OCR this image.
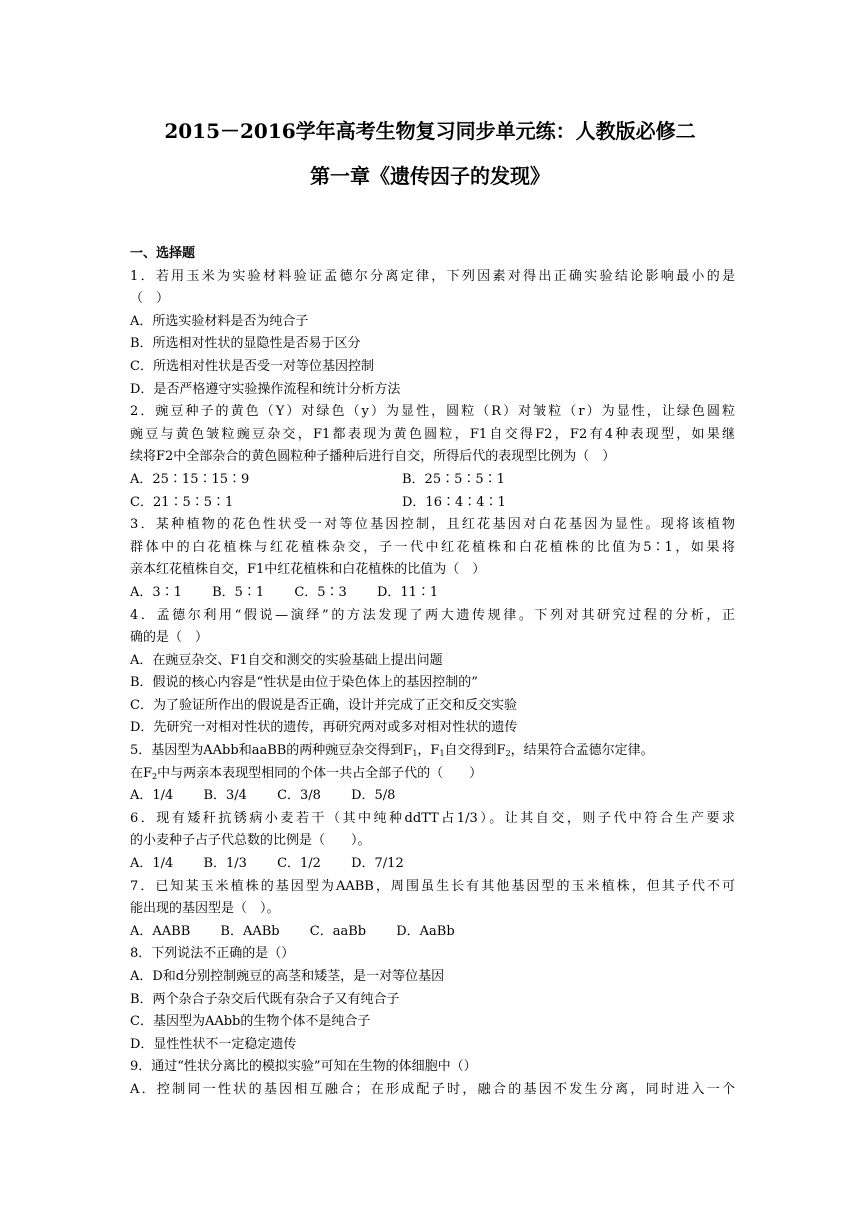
2015－2016学年高考生物复习同步单元练：人教版必修二
第一章《遗传因子的发现》
一、选择题
1．若用玉米为实验材料验证孟德尔分离定律，下列因素对得出正确实验结论影响最小的是
（　）
A．所选实验材料是否为纯合子
B．所选相对性状的显隐性是否易于区分
C．所选相对性状是否受一对等位基因控制
D．是否严格遵守实验操作流程和统计分析方法
2．豌豆种子的黄色（Y）对绿色（y）为显性，圆粒（R）对皱粒（r）为显性，让绿色圆粒
豌豆与黄色皱粒豌豆杂交，F1都表现为黄色圆粒，F1自交得F2，F2有4种表现型，如果继
续将F2中全部杂合的黄色圆粒种子播种后进行自交，所得后代的表现型比例为（　）
A．25∶15∶15∶9	B．25∶5∶5∶1
C．21∶5∶5∶1	D．16∶4∶4∶1
3．某种植物的花色性状受一对等位基因控制，且红花基因对白花基因为显性。现将该植物
群体中的白花植株与红花植株杂交，子一代中红花植株和白花植株的比值为5∶1，如果将
亲本红花植株自交，F1中红花植株和白花植株的比值为（　）
A．3∶1 B．5∶1 C．5∶3 D．11∶1
4．孟德尔利用“假说—演绎”的方法发现了两大遗传规律。下列对其研究过程的分析，正
确的是（　）
A．在豌豆杂交、F1自交和测交的实验基础上提出问题
B．假说的核心内容是“性状是由位于染色体上的基因控制的”
C．为了验证所作出的假说是否正确，设计并完成了正交和反交实验
D．先研究一对相对性状的遗传，再研究两对或多对相对性状的遗传
5．基因型为AAbb和aaBB的两种豌豆杂交得到$F_1$，$F_1$自交得到$F_2$，结果符合孟德尔定律。
在$F_2$中与两亲本表现型相同的个体一共占全部子代的（　　）
A．1/4 B．3/4 C．3/8 D．5/8
6．现有矮秆抗锈病小麦若干（其中纯种ddTT占1/3）。让其自交，则子代中符合生产要求
的小麦种子占子代总数的比例是（　　）。
A．1/4 B．1/3 C．1/2 D．7/12
7．已知某玉米植株的基因型为AABB，周围虽生长有其他基因型的玉米植株，但其子代不可
能出现的基因型是（　）。
A．AABB B．AABb C．aaBb D．AaBb
8．下列说法不正确的是（）
A．D和d分别控制豌豆的高茎和矮茎，是一对等位基因
B．两个杂合子杂交后代既有杂合子又有纯合子
C．基因型为AAbb的生物个体不是纯合子
D．显性性状不一定稳定遗传
9．通过“性状分离比的模拟实验”可知在生物的体细胞中（）
A．控制同一性状的基因相互融合；在形成配子时，融合的基因不发生分离，同时进入一个
